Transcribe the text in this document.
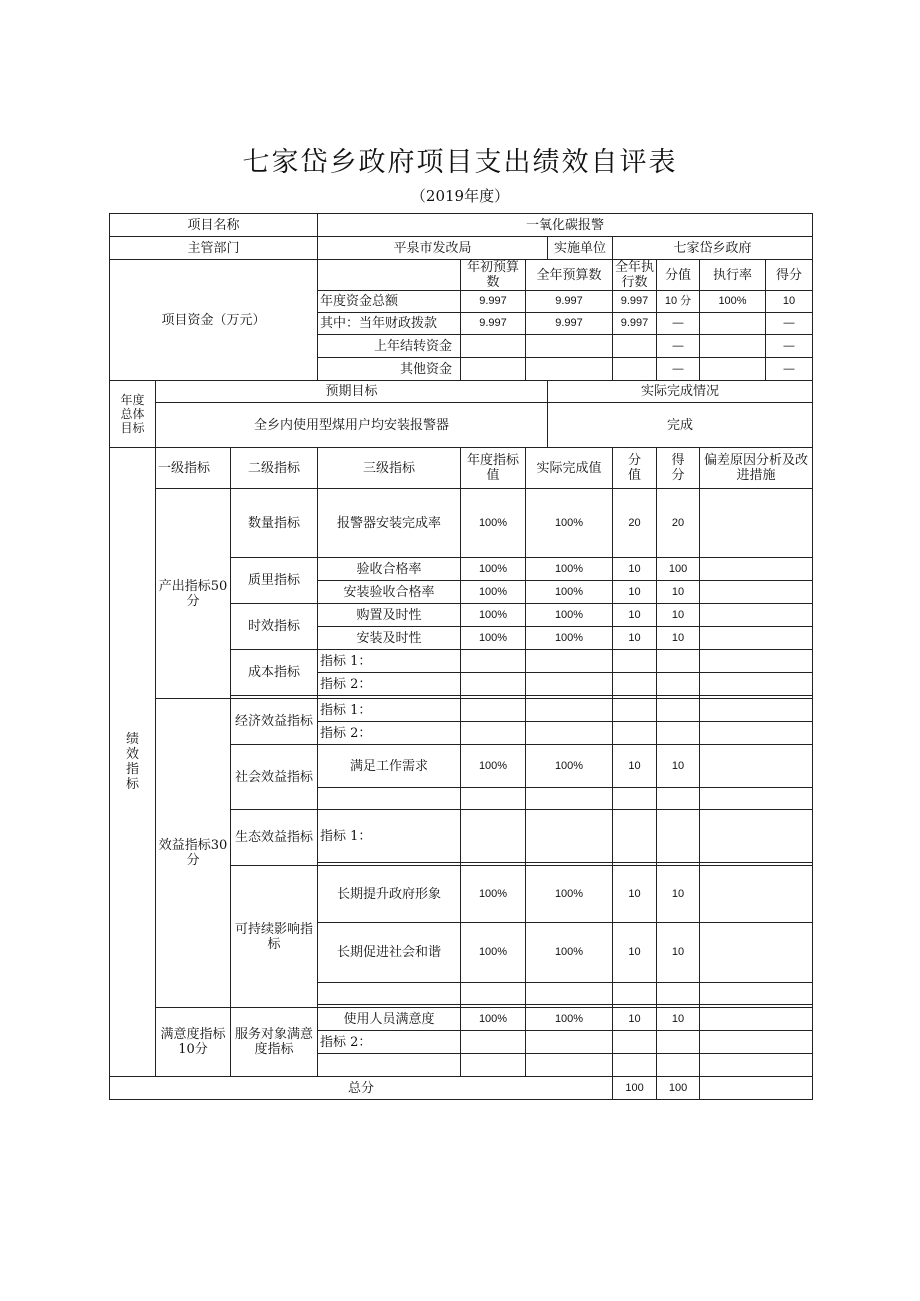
七家岱乡政府项目支出绩效自评表
（2019年度）
项目名称			一氧化碳报警							
主管部门			平泉市发改局			实施单位	七家岱乡政府			
项目资金（万元）				年初预算数	全年预算数		全年执行数	分值	执行率	得分
			年度资金总额	9.997	9.997		9.997	10 分	100%	10
			其中：当年财政拨款	9.997	9.997		9.997	—		—
			上年结转资金					—		—
			其他资金					—		—
年度总体目标	预期目标					实际完成情况				
	全乡内使用型煤用户均安装报警器					完成				
绩效指标	一级指标	二级指标	三级指标	年度指标值	实际完成值		分值	得分	偏差原因分析及改进措施	
	产出指标50分	数量指标	报警器安装完成率	100%	100%		20	20		
		质里指标	验收合格率	100%	100%		10	100		
			安装验收合格率	100%	100%		10	10		
		时效指标	购置及时性	100%	100%		10	10		
			安装及时性	100%	100%		10	10		
		成本指标	指标 1：							
			指标 2：							

	效益指标30分	经济效益指标	指标 1：							
			指标 2：							
		社会效益指标	满足工作需求	100%	100%		10	10		

		生态效益指标	指标 1：							

		可持续影响指标	长期提升政府形象	100%	100%		10	10		
			长期促进社会和谐	100%	100%		10	10		

	满意度指标10分	服务对象满意度指标	使用人员满意度	100%	100%		10	10		
			指标 2：							

总分							100	100		
